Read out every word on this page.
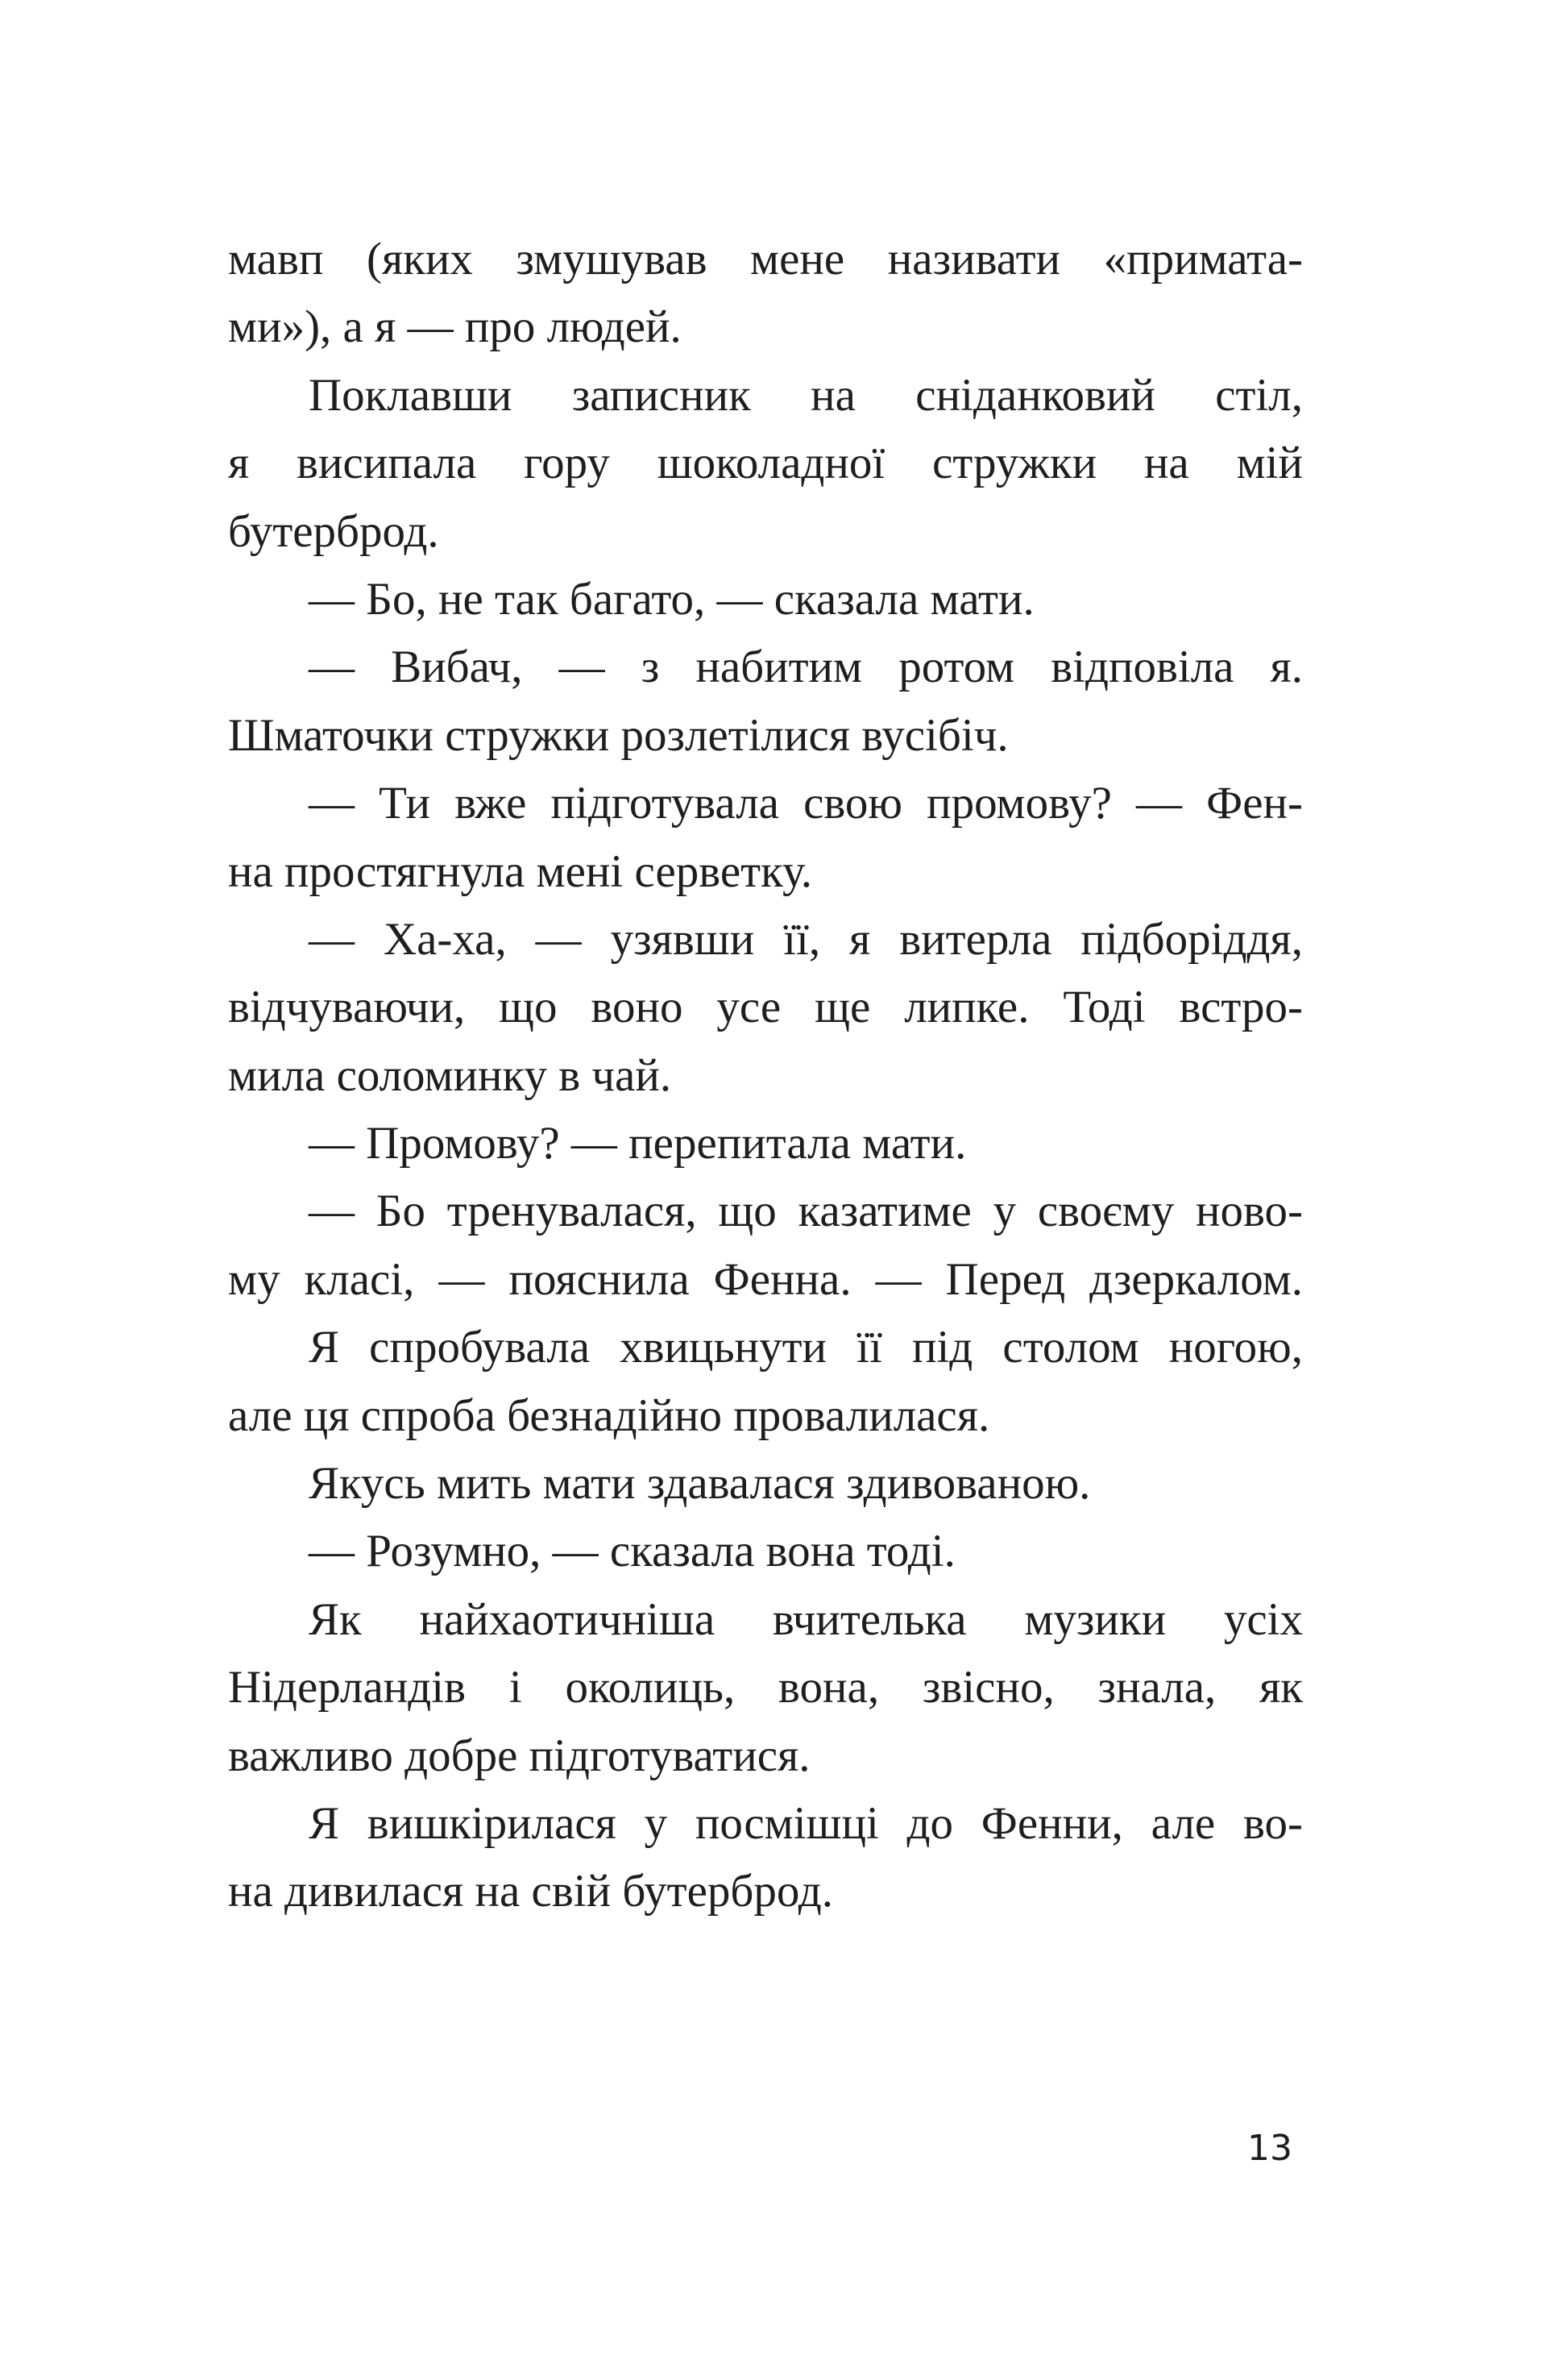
мавп (яких змушував мене називати «примата-
ми»), а я — про людей.
Поклавши записник на сніданковий стіл,
я висипала гору шоколадної стружки на мій
бутерброд.
— Бо, не так багато, — сказала мати.
— Вибач, — з набитим ротом відповіла я.
Шматочки стружки розлетілися вусібіч.
— Ти вже підготувала свою промову? — Фен-
на простягнула мені серветку.
— Ха-ха, — узявши її, я витерла підборіддя,
відчуваючи, що воно усе ще липке. Тоді встро-
мила соломинку в чай.
— Промову? — перепитала мати.
— Бо тренувалася, що казатиме у своєму ново-
му класі, — пояснила Фенна. — Перед дзеркалом.
Я спробувала хвицьнути її під столом ногою,
але ця спроба безнадійно провалилася.
Якусь мить мати здавалася здивованою.
— Розумно, — сказала вона тоді.
Як найхаотичніша вчителька музики усіх
Нідерландів і околиць, вона, звісно, знала, як
важливо добре підготуватися.
Я вишкірилася у посмішці до Фенни, але во-
на дивилася на свій бутерброд.
13
